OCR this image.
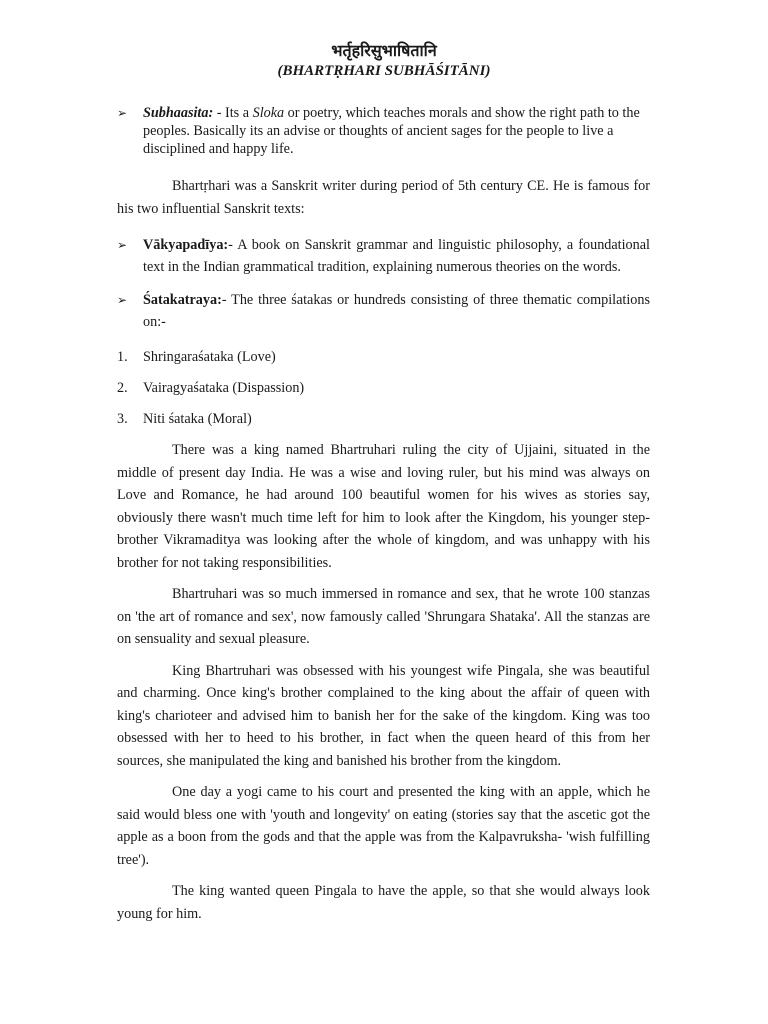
भर्तृहरिसुभाषितानि
(BHARTṚHARI SUBHĀŚITĀNI)
➢ Subhaasita: - Its a Sloka or poetry, which teaches morals and show the right path to the peoples. Basically its an advise or thoughts of ancient sages for the people to live a disciplined and happy life.

Bhartṛhari was a Sanskrit writer during period of 5th century CE. He is famous for his two influential Sanskrit texts:

➢ Vākyapadīya:- A book on Sanskrit grammar and linguistic philosophy, a foundational text in the Indian grammatical tradition, explaining numerous theories on the words.
➢ Śatakatraya:- The three śatakas or hundreds consisting of three thematic compilations on:-
1. Shringaraśataka (Love)
2. Vairagyaśataka (Dispassion)
3. Niti śataka (Moral)

There was a king named Bhartruhari ruling the city of Ujjaini, situated in the middle of present day India. He was a wise and loving ruler, but his mind was always on Love and Romance, he had around 100 beautiful women for his wives as stories say, obviously there wasn't much time left for him to look after the Kingdom, his younger step-brother Vikramaditya was looking after the whole of kingdom, and was unhappy with his brother for not taking responsibilities.

Bhartruhari was so much immersed in romance and sex, that he wrote 100 stanzas on 'the art of romance and sex', now famously called 'Shrungara Shataka'. All the stanzas are on sensuality and sexual pleasure.

King Bhartruhari was obsessed with his youngest wife Pingala, she was beautiful and charming. Once king's brother complained to the king about the affair of queen with king's charioteer and advised him to banish her for the sake of the kingdom. King was too obsessed with her to heed to his brother, in fact when the queen heard of this from her sources, she manipulated the king and banished his brother from the kingdom.

One day a yogi came to his court and presented the king with an apple, which he said would bless one with 'youth and longevity' on eating (stories say that the ascetic got the apple as a boon from the gods and that the apple was from the Kalpavruksha- 'wish fulfilling tree').

The king wanted queen Pingala to have the apple, so that she would always look young for him.
